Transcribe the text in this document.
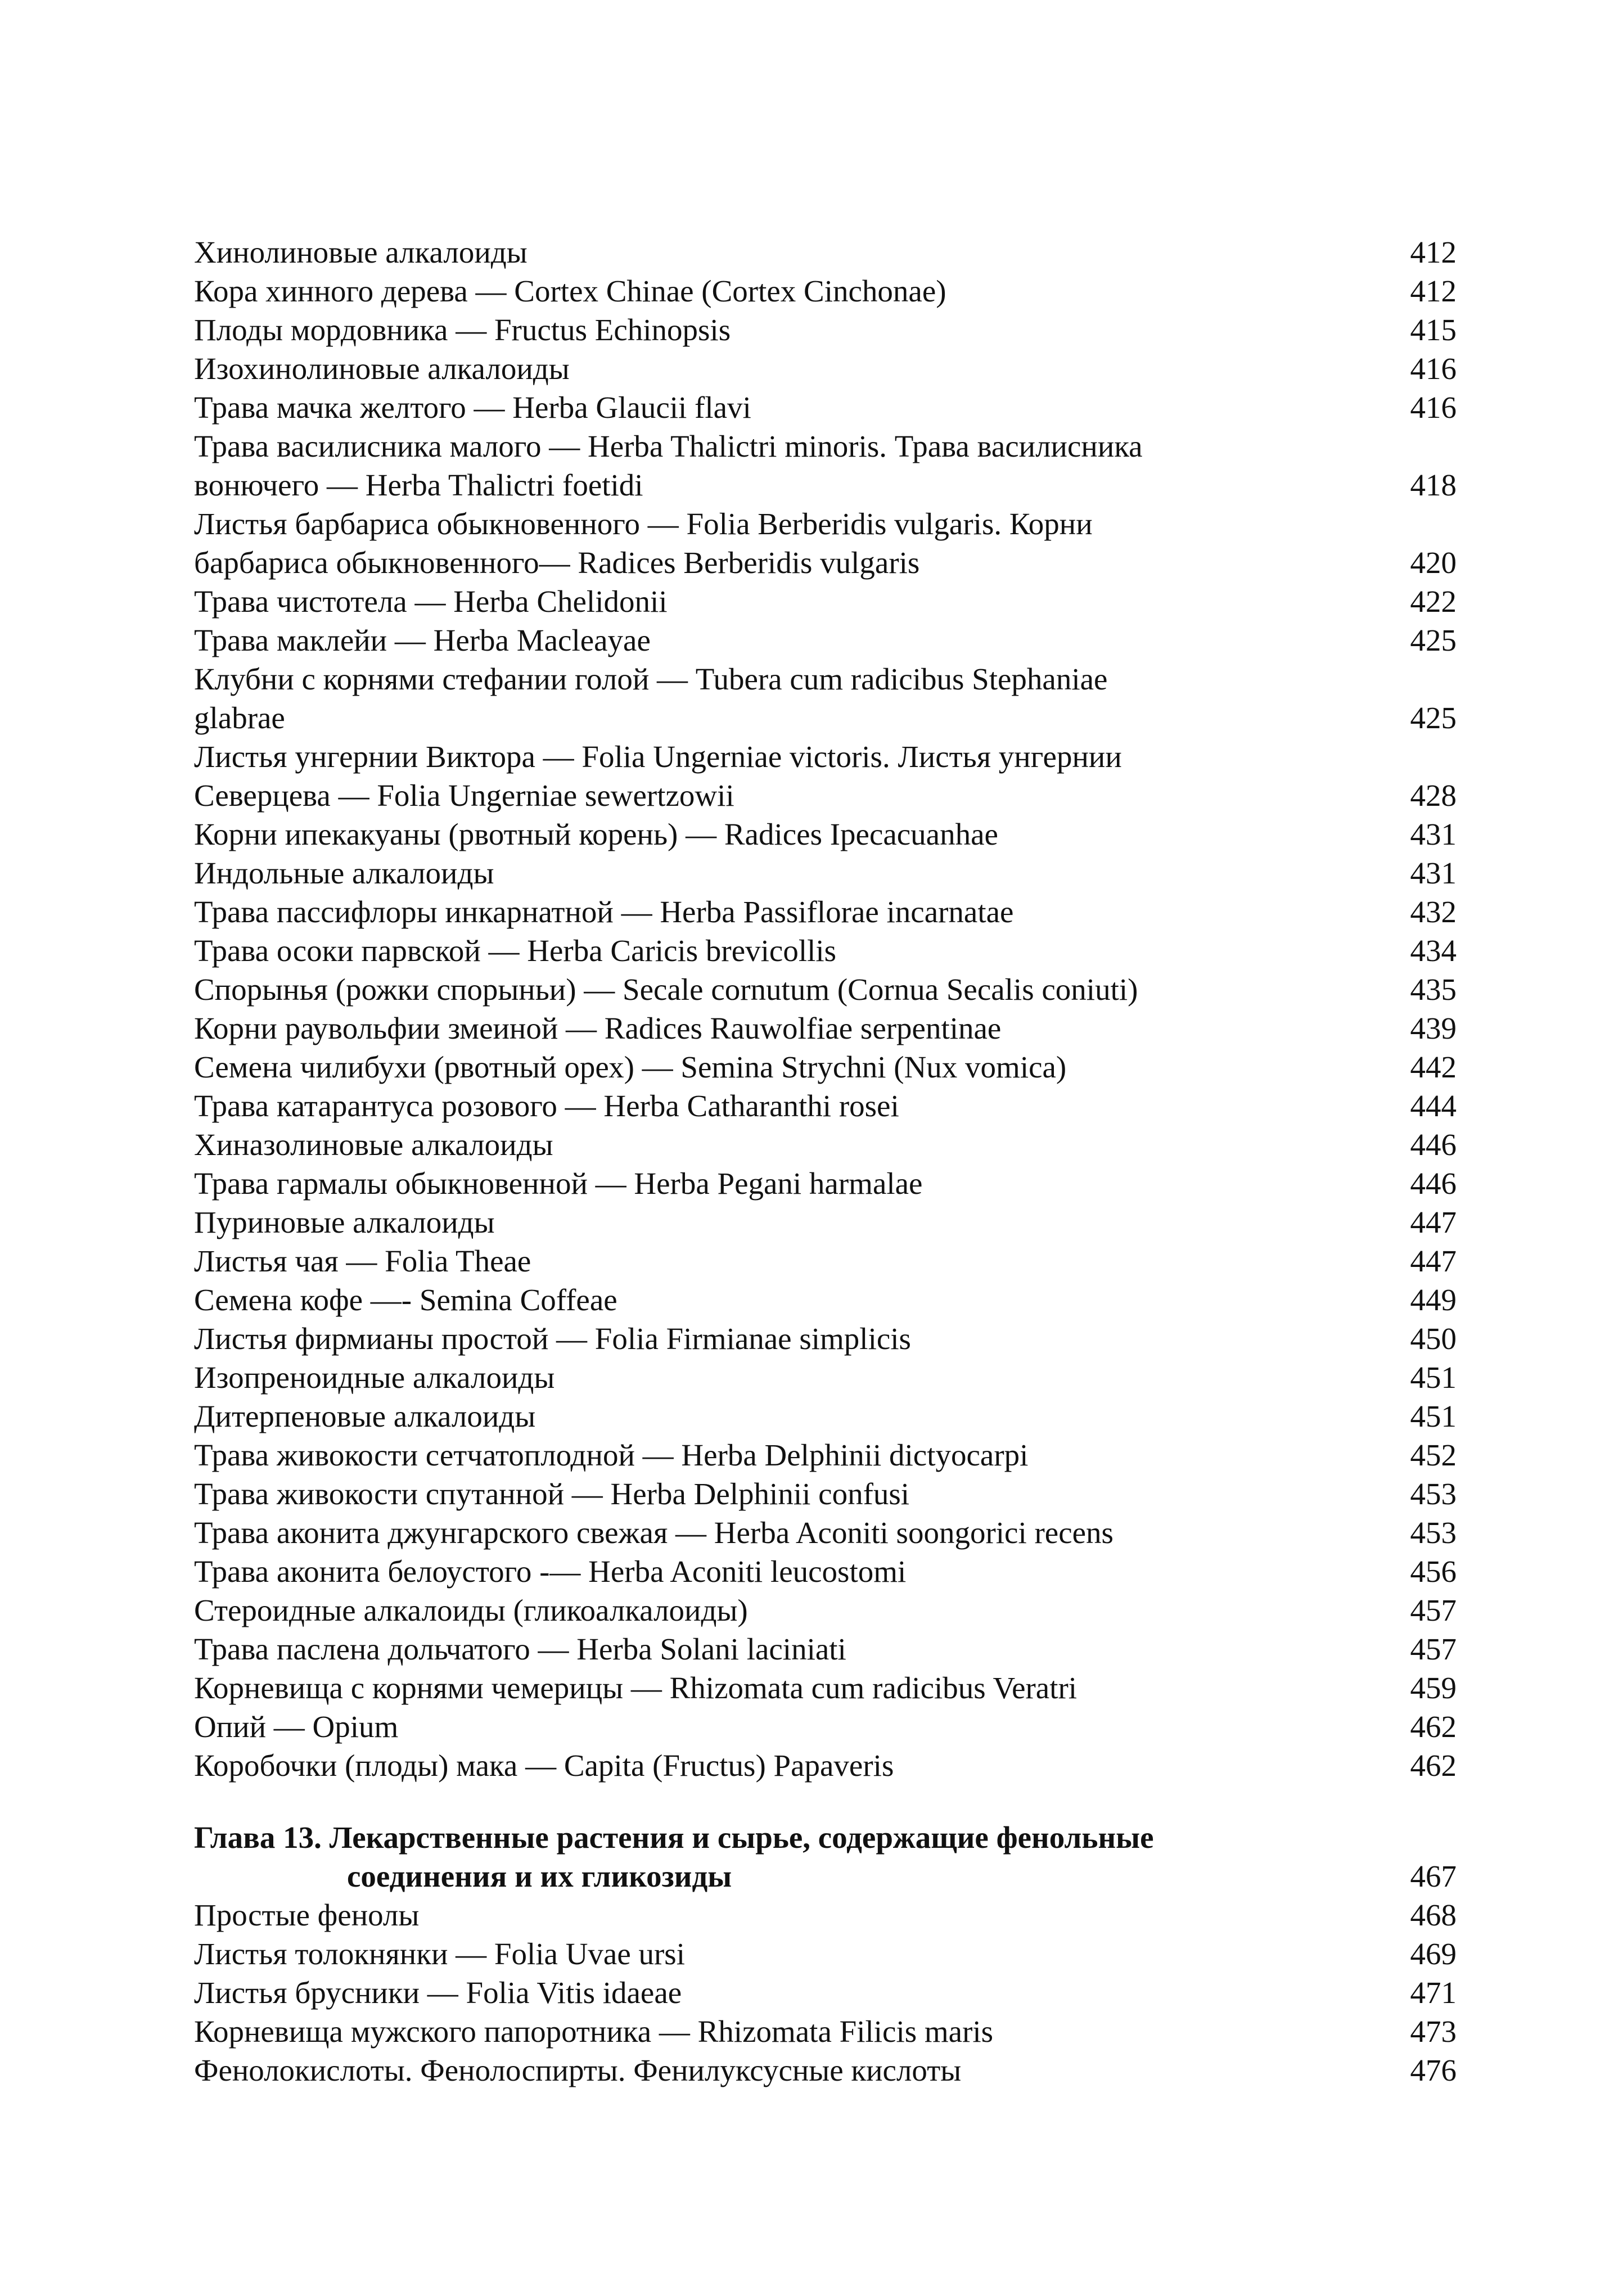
Хинолиновые алкалоиды	412
Кора хинного дерева — Cortex Chinae (Cortex Cinchonae)	412
Плоды мордовника — Fructus Echinopsis	415
Изохинолиновые алкалоиды	416
Трава мачка желтого — Herba Glaucii flavi	416
Трава василисника малого — Herba Thalictri minoris. Трава василисника
вонючего — Herba Thalictri foetidi	418
Листья барбариса обыкновенного — Folia Berberidis vulgaris. Корни
барбариса обыкновенного— Radices Berberidis vulgaris	420
Трава чистотела — Herba Chelidonii	422
Трава маклейи — Herba Macleayae	425
Клубни с корнями стефании голой — Tubera cum radicibus Stephaniae
glabrae	425
Листья унгернии Виктора — Folia Ungerniae victoris. Листья унгернии
Северцева — Folia Ungerniae sewertzowii	428
Корни ипекакуаны (рвотный корень) — Radices Ipecacuanhae	431
Индольные алкалоиды	431
Трава пассифлоры инкарнатной — Herba Passiflorae incarnatae	432
Трава осоки парвской — Herba Caricis brevicollis	434
Спорынья (рожки спорыньи) — Secale cornutum (Cornua Secalis coniuti)	435
Корни раувольфии змеиной — Radices Rauwolfiae serpentinae	439
Семена чилибухи (рвотный орех) — Semina Strychni (Nux vomica)	442
Трава катарантуса розового — Herba Catharanthi rosei	444
Хиназолиновые алкалоиды	446
Трава гармалы обыкновенной — Herba Pegani harmalae	446
Пуриновые алкалоиды	447
Листья чая — Folia Theae	447
Семена кофе —- Semina Coffeae	449
Листья фирмианы простой — Folia Firmianae simplicis	450
Изопреноидные алкалоиды	451
Дитерпеновые алкалоиды	451
Трава живокости сетчатоплодной — Herba Delphinii dictyocarpi	452
Трава живокости спутанной — Herba Delphinii confusi	453
Трава аконита джунгарского свежая — Herba Aconiti soongorici recens	453
Трава аконита белоустого -— Herba Aconiti leucostomi	456
Стероидные алкалоиды (гликоалкалоиды)	457
Трава паслена дольчатого — Herba Solani laciniati	457
Корневища с корнями чемерицы — Rhizomata cum radicibus Veratri	459
Опий — Opium	462
Коробочки (плоды) мака — Capita (Fructus) Papaveris	462
Глава 13. Лекарственные растения и сырье, содержащие фенольные
соединения и их гликозиды	467
Простые фенолы	468
Листья толокнянки — Folia Uvae ursi	469
Листья брусники — Folia Vitis idaeae	471
Корневища мужского папоротника — Rhizomata Filicis maris	473
Фенолокислоты. Фенолоспирты. Фенилуксусные кислоты	476
